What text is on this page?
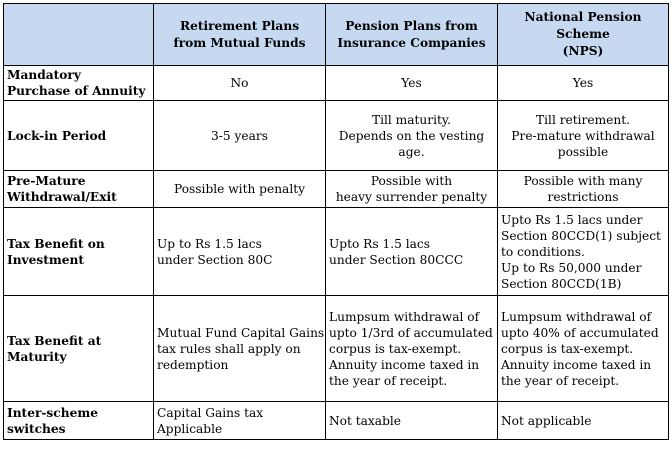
	Retirement Plans
from Mutual Funds	Pension Plans from
Insurance Companies	National Pension
Scheme
(NPS)

Mandatory
Purchase of Annuity	No	Yes	Yes

Lock-in Period	3-5 years	Till maturity.
Depends on the vesting
age.	Till retirement.
Pre-mature withdrawal
possible

Pre-Mature
Withdrawal/Exit	Possible with penalty	Possible with
heavy surrender penalty	Possible with many
restrictions

Tax Benefit on
Investment	Up to Rs 1.5 lacs
under Section 80C	Upto Rs 1.5 lacs
under Section 80CCC	Upto Rs 1.5 lacs under
Section 80CCD(1) subject
to conditions.
Up to Rs 50,000 under
Section 80CCD(1B)

Tax Benefit at
Maturity	Mutual Fund Capital Gains
tax rules shall apply on
redemption	Lumpsum withdrawal of
upto 1/3rd of accumulated
corpus is tax-exempt.
Annuity income taxed in
the year of receipt.	Lumpsum withdrawal of
upto 40% of accumulated
corpus is tax-exempt.
Annuity income taxed in
the year of receipt.

Inter-scheme
switches	Capital Gains tax
Applicable	Not taxable	Not applicable
